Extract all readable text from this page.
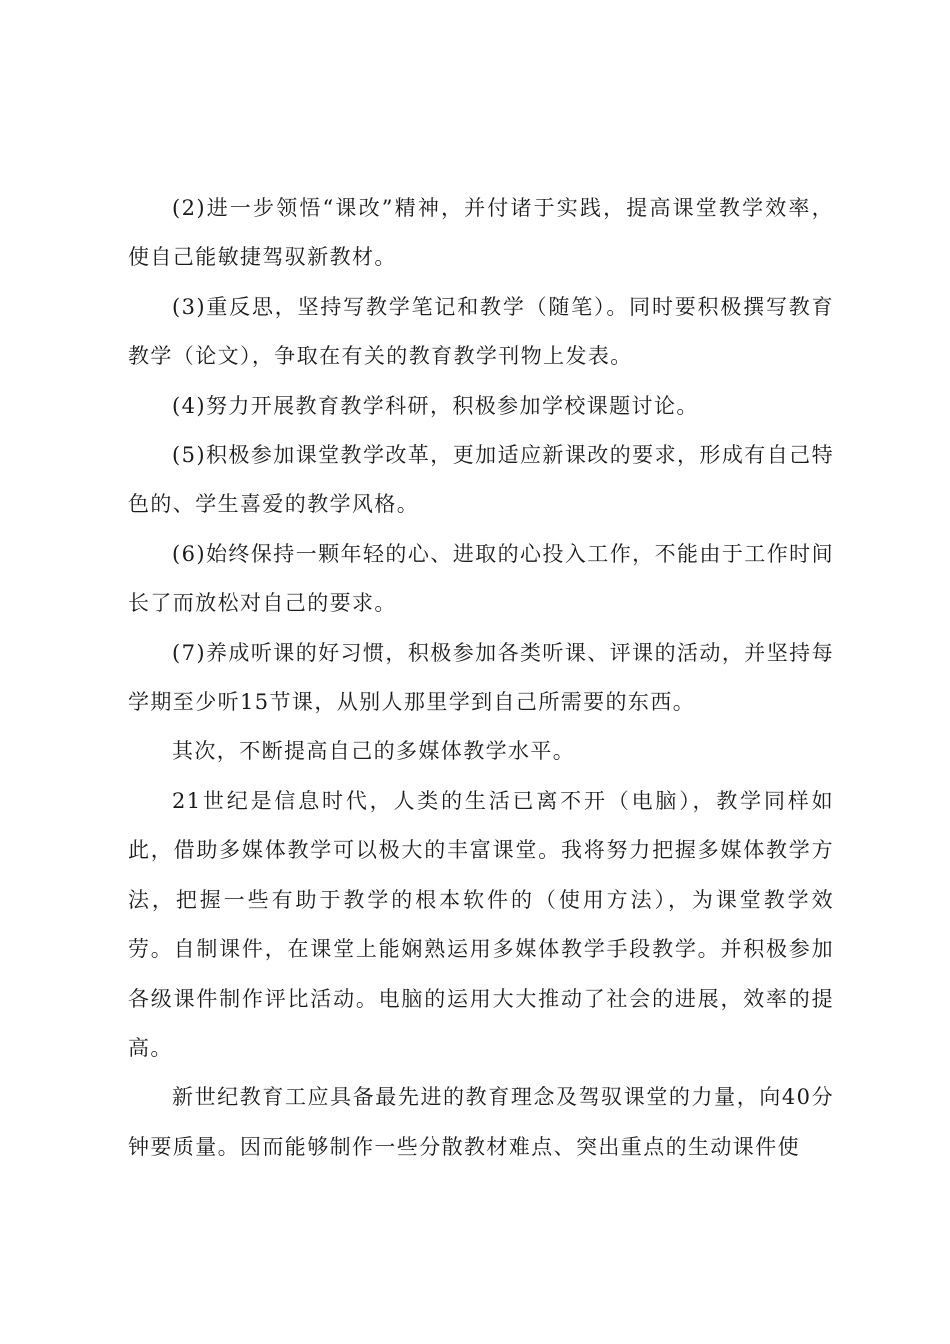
(2)进一步领悟“课改”精神，并付诸于实践，提高课堂教学效率，使自己能敏捷驾驭新教材。

(3)重反思，坚持写教学笔记和教学（随笔）。同时要积极撰写教育教学（论文），争取在有关的教育教学刊物上发表。

(4)努力开展教育教学科研，积极参加学校课题讨论。

(5)积极参加课堂教学改革，更加适应新课改的要求，形成有自己特色的、学生喜爱的教学风格。

(6)始终保持一颗年轻的心、进取的心投入工作，不能由于工作时间长了而放松对自己的要求。

(7)养成听课的好习惯，积极参加各类听课、评课的活动，并坚持每学期至少听15节课，从别人那里学到自己所需要的东西。

其次，不断提高自己的多媒体教学水平。

21世纪是信息时代，人类的生活已离不开（电脑），教学同样如此，借助多媒体教学可以极大的丰富课堂。我将努力把握多媒体教学方法，把握一些有助于教学的根本软件的（使用方法），为课堂教学效劳。自制课件，在课堂上能娴熟运用多媒体教学手段教学。并积极参加各级课件制作评比活动。电脑的运用大大推动了社会的进展，效率的提高。

新世纪教育工应具备最先进的教育理念及驾驭课堂的力量，向40分钟要质量。因而能够制作一些分散教材难点、突出重点的生动课件使
